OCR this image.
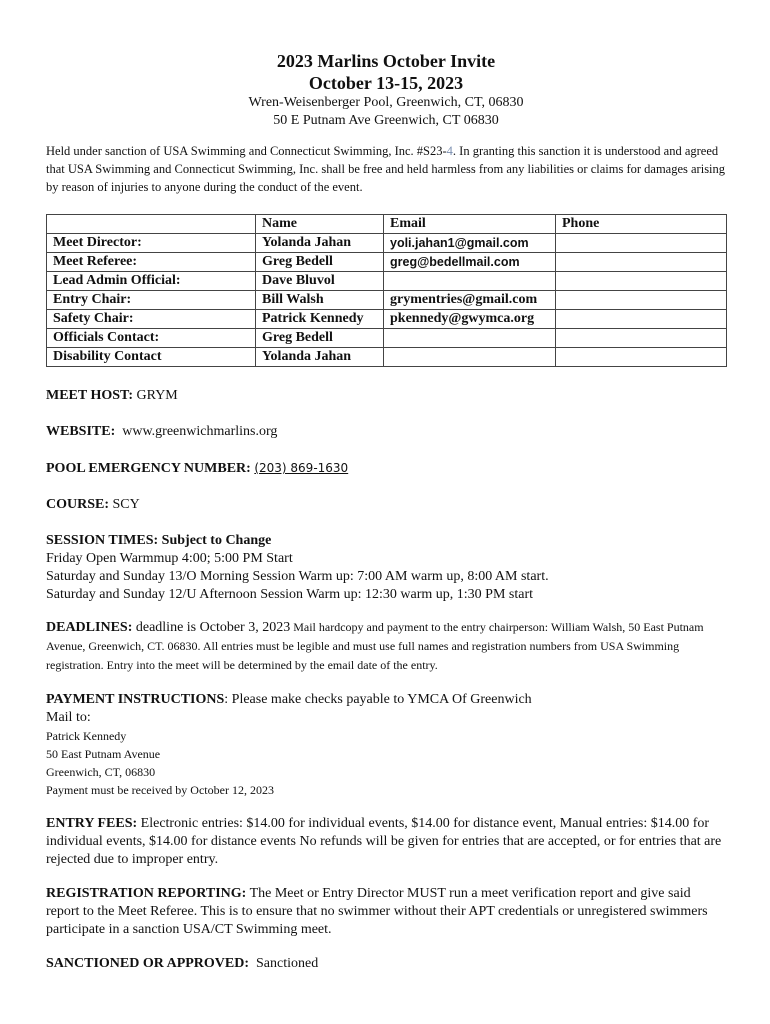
2023 Marlins October Invite
October 13-15, 2023
Wren-Weisenberger Pool, Greenwich, CT, 06830
50 E Putnam Ave Greenwich, CT 06830
Held under sanction of USA Swimming and Connecticut Swimming, Inc. #S23-4. In granting this sanction it is understood and agreed that USA Swimming and Connecticut Swimming, Inc. shall be free and held harmless from any liabilities or claims for damages arising by reason of injuries to anyone during the conduct of the event.
	Name	Email	Phone
Meet Director:	Yolanda Jahan	yoli.jahan1@gmail.com	
Meet Referee:	Greg Bedell	greg@bedellmail.com	
Lead Admin Official:	Dave Bluvol		
Entry Chair:	Bill Walsh	grymentries@gmail.com	
Safety Chair:	Patrick Kennedy	pkennedy@gwymca.org	
Officials Contact:	Greg Bedell		
Disability Contact	Yolanda Jahan		
MEET HOST: GRYM
WEBSITE:  www.greenwichmarlins.org
POOL EMERGENCY NUMBER: (203) 869-1630
COURSE: SCY
SESSION TIMES: Subject to Change
Friday Open Warmmup 4:00; 5:00 PM Start
Saturday and Sunday 13/O Morning Session Warm up: 7:00 AM warm up, 8:00 AM start.
Saturday and Sunday 12/U Afternoon Session Warm up: 12:30 warm up, 1:30 PM start
DEADLINES: deadline is October 3, 2023 Mail hardcopy and payment to the entry chairperson: William Walsh, 50 East Putnam Avenue, Greenwich, CT. 06830. All entries must be legible and must use full names and registration numbers from USA Swimming registration. Entry into the meet will be determined by the email date of the entry.
PAYMENT INSTRUCTIONS: Please make checks payable to YMCA Of Greenwich
Mail to:
Patrick Kennedy
50 East Putnam Avenue
Greenwich, CT, 06830
Payment must be received by October 12, 2023
ENTRY FEES: Electronic entries: $14.00 for individual events, $14.00 for distance event, Manual entries: $14.00 for individual events, $14.00 for distance events No refunds will be given for entries that are accepted, or for entries that are rejected due to improper entry.
REGISTRATION REPORTING: The Meet or Entry Director MUST run a meet verification report and give said report to the Meet Referee. This is to ensure that no swimmer without their APT credentials or unregistered swimmers participate in a sanction USA/CT Swimming meet.
SANCTIONED OR APPROVED:  Sanctioned
